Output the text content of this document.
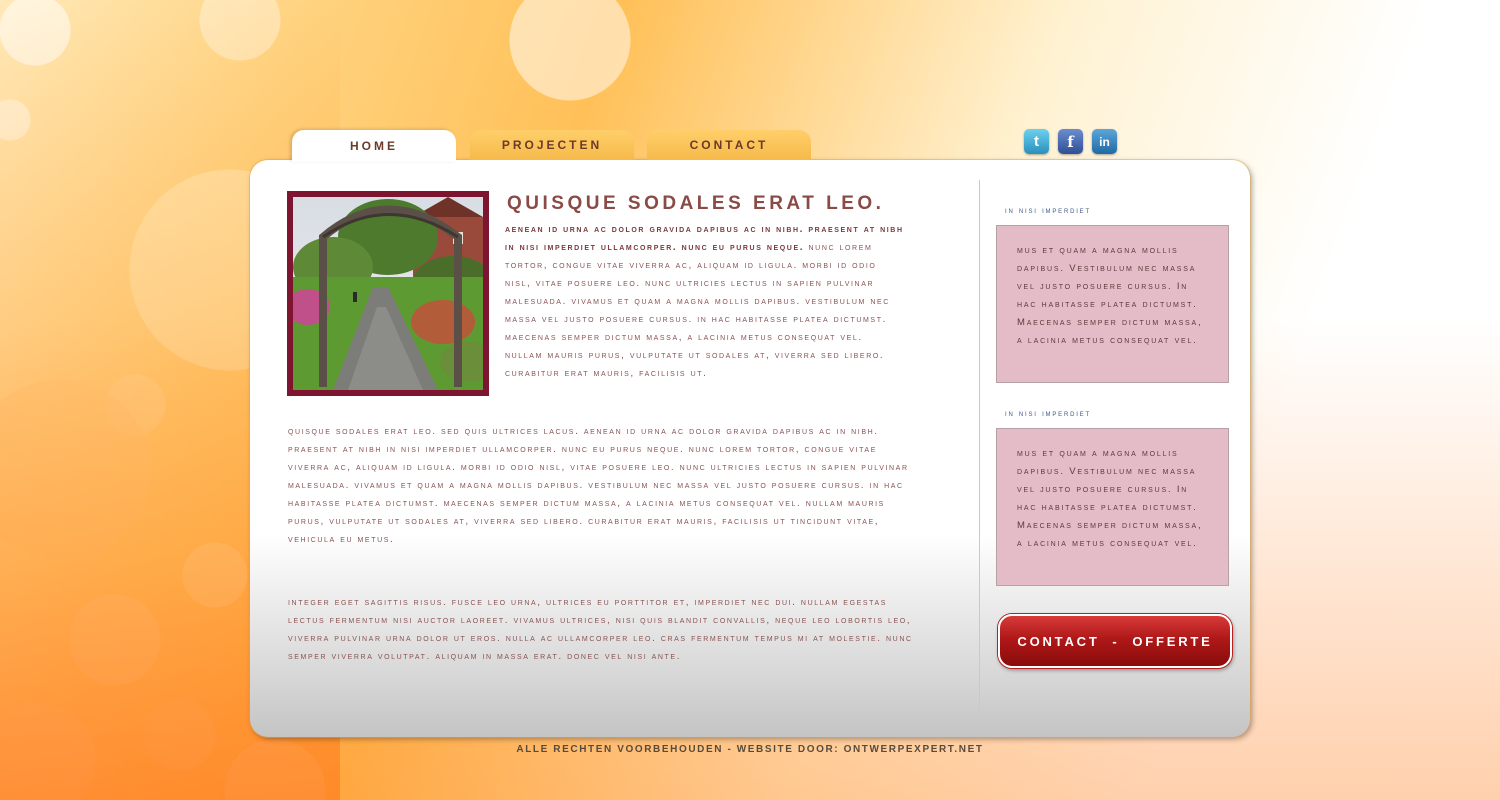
HOME	PROJECTEN	CONTACT	t	f	in
QUISQUE SODALES ERAT LEO.

aenean id urna ac dolor gravida dapibus ac in nibh. praesent at nibh in nisi imperdiet ullamcorper. nunc eu purus neque. nunc lorem tortor, congue vitae viverra ac, aliquam id ligula. morbi id odio nisl, vitae posuere leo. nunc ultricies lectus in sapien pulvinar malesuada. vivamus et quam a magna mollis dapibus. vestibulum nec massa vel justo posuere cursus. in hac habitasse platea dictumst. maecenas semper dictum massa, a lacinia metus consequat vel. nullam mauris purus, vulputate ut sodales at, viverra sed libero. curabitur erat mauris, facilisis ut.

quisque sodales erat leo. sed quis ultrices lacus. aenean id urna ac dolor gravida dapibus ac in nibh. praesent at nibh in nisi imperdiet ullamcorper. nunc eu purus neque. nunc lorem tortor, congue vitae viverra ac, aliquam id ligula. morbi id odio nisl, vitae posuere leo. nunc ultricies lectus in sapien pulvinar malesuada. vivamus et quam a magna mollis dapibus. vestibulum nec massa vel justo posuere cursus. in hac habitasse platea dictumst. maecenas semper dictum massa, a lacinia metus consequat vel. nullam mauris purus, vulputate ut sodales at, viverra sed libero. curabitur erat mauris, facilisis ut tincidunt vitae, vehicula eu metus.

integer eget sagittis risus. fusce leo urna, ultrices eu porttitor et, imperdiet nec dui. nullam egestas lectus fermentum nisi auctor laoreet. vivamus ultrices, nisi quis blandit convallis, neque leo lobortis leo, viverra pulvinar urna dolor ut eros. nulla ac ullamcorper leo. cras fermentum tempus mi at molestie. nunc semper viverra volutpat. aliquam in massa erat. donec vel nisi ante.

in nisi imperdiet
mus et quam a magna mollis dapibus. Vestibulum nec massa vel justo posuere cursus. In hac habitasse platea dictumst. Maecenas semper dictum massa, a lacinia metus consequat vel.
in nisi imperdiet
mus et quam a magna mollis dapibus. Vestibulum nec massa vel justo posuere cursus. In hac habitasse platea dictumst. Maecenas semper dictum massa, a lacinia metus consequat vel.
CONTACT  -  OFFERTE
ALLE RECHTEN VOORBEHOUDEN - WEBSITE DOOR: ONTWERPEXPERT.NET
